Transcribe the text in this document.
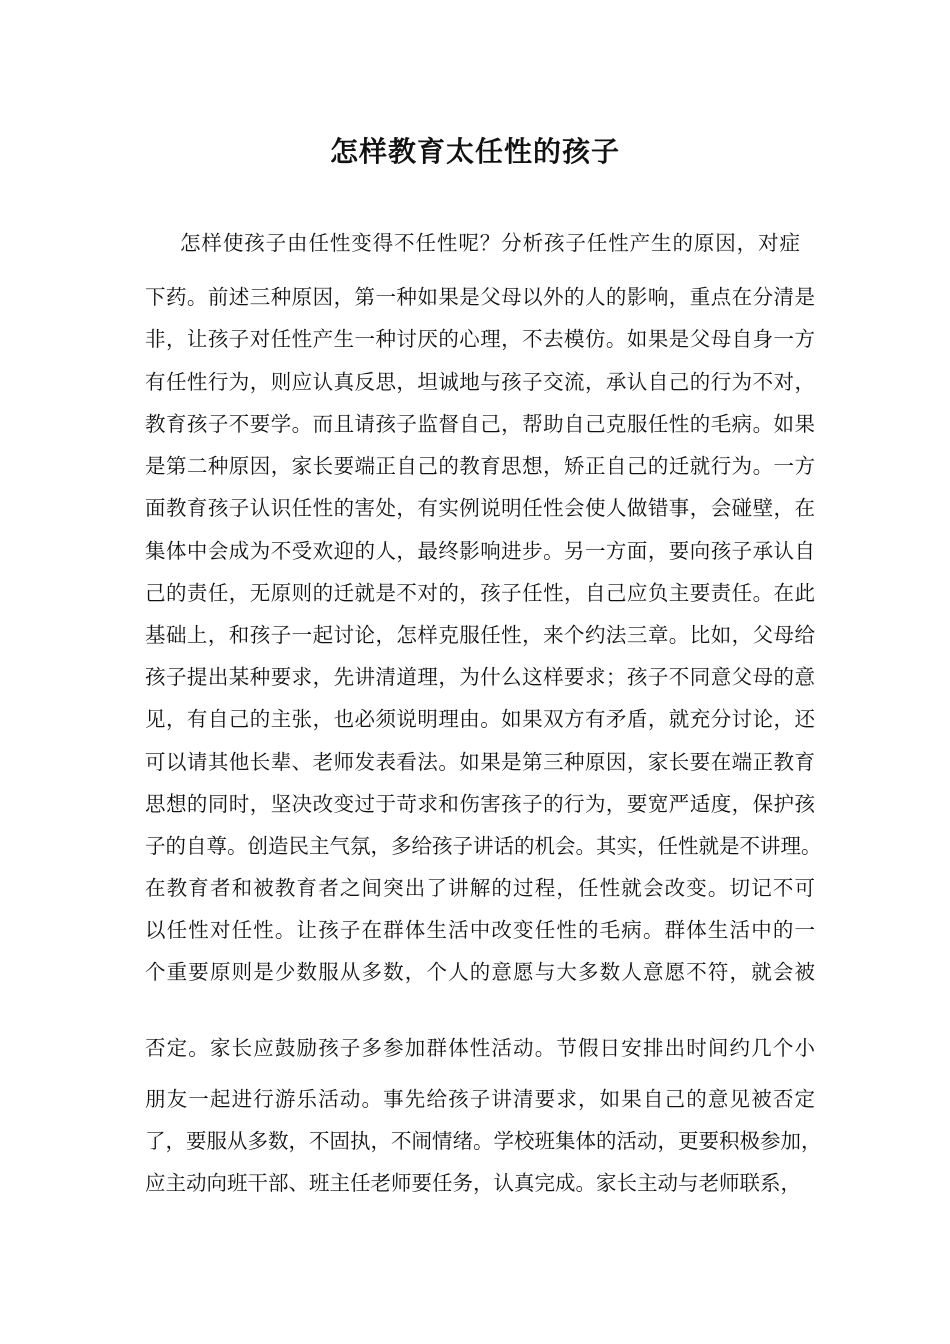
怎样教育太任性的孩子
怎样使孩子由任性变得不任性呢？分析孩子任性产生的原因，对症
下药。前述三种原因，第一种如果是父母以外的人的影响，重点在分清是
非，让孩子对任性产生一种讨厌的心理，不去模仿。如果是父母自身一方
有任性行为，则应认真反思，坦诚地与孩子交流，承认自己的行为不对，
教育孩子不要学。而且请孩子监督自己，帮助自己克服任性的毛病。如果
是第二种原因，家长要端正自己的教育思想，矫正自己的迁就行为。一方
面教育孩子认识任性的害处，有实例说明任性会使人做错事，会碰壁，在
集体中会成为不受欢迎的人，最终影响进步。另一方面，要向孩子承认自
己的责任，无原则的迁就是不对的，孩子任性，自己应负主要责任。在此
基础上，和孩子一起讨论，怎样克服任性，来个约法三章。比如，父母给
孩子提出某种要求，先讲清道理，为什么这样要求；孩子不同意父母的意
见，有自己的主张，也必须说明理由。如果双方有矛盾，就充分讨论，还
可以请其他长辈、老师发表看法。如果是第三种原因，家长要在端正教育
思想的同时，坚决改变过于苛求和伤害孩子的行为，要宽严适度，保护孩
子的自尊。创造民主气氛，多给孩子讲话的机会。其实，任性就是不讲理。
在教育者和被教育者之间突出了讲解的过程，任性就会改变。切记不可
以任性对任性。让孩子在群体生活中改变任性的毛病。群体生活中的一
个重要原则是少数服从多数，个人的意愿与大多数人意愿不符，就会被
否定。家长应鼓励孩子多参加群体性活动。节假日安排出时间约几个小
朋友一起进行游乐活动。事先给孩子讲清要求，如果自己的意见被否定
了，要服从多数，不固执，不闹情绪。学校班集体的活动，更要积极参加，
应主动向班干部、班主任老师要任务，认真完成。家长主动与老师联系，
